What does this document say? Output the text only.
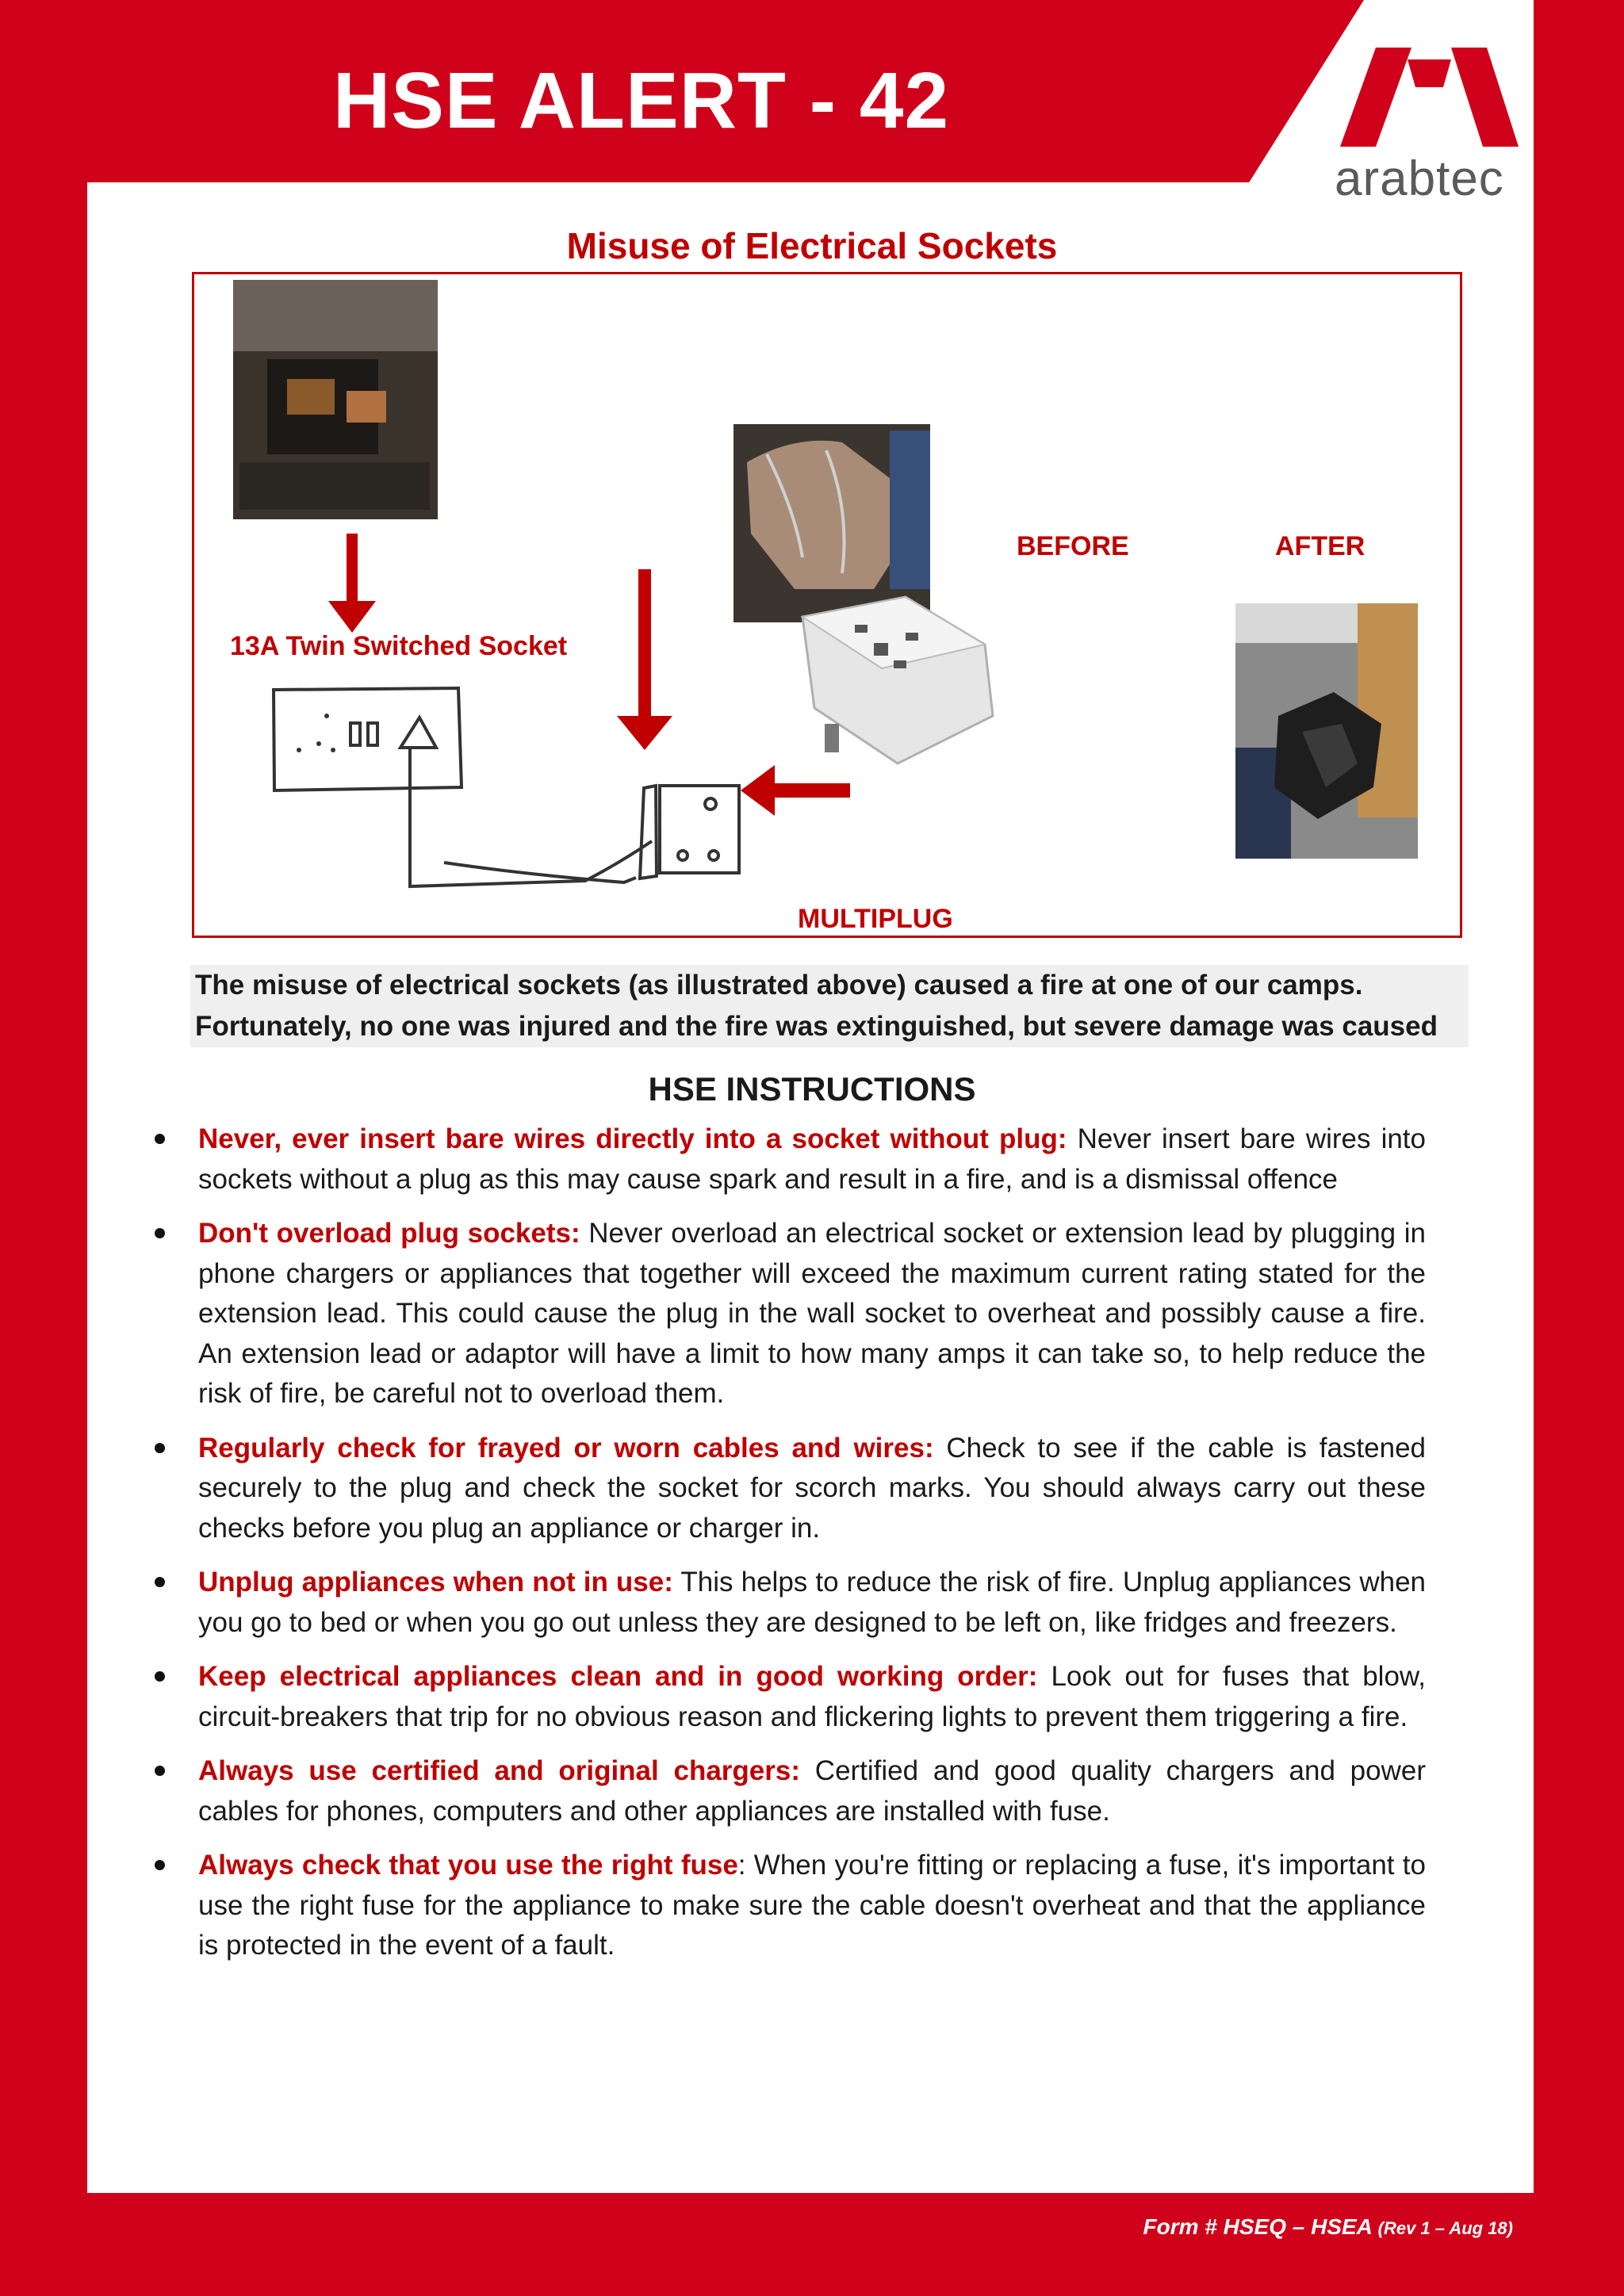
HSE ALERT - 42
arabtec
Misuse of Electrical Sockets
13A Twin Switched Socket
BEFORE	AFTER
MULTIPLUG
The misuse of electrical sockets (as illustrated above) caused a fire at one of our camps.
Fortunately, no one was injured and the fire was extinguished, but severe damage was caused
HSE INSTRUCTIONS
Never, ever insert bare wires directly into a socket without plug: Never insert bare wires into sockets without a plug as this may cause spark and result in a fire, and is a dismissal offence
Don't overload plug sockets: Never overload an electrical socket or extension lead by plugging in phone chargers or appliances that together will exceed the maximum current rating stated for the extension lead. This could cause the plug in the wall socket to overheat and possibly cause a fire. An extension lead or adaptor will have a limit to how many amps it can take so, to help reduce the risk of fire, be careful not to overload them.
Regularly check for frayed or worn cables and wires: Check to see if the cable is fastened securely to the plug and check the socket for scorch marks. You should always carry out these checks before you plug an appliance or charger in.
Unplug appliances when not in use: This helps to reduce the risk of fire. Unplug appliances when you go to bed or when you go out unless they are designed to be left on, like fridges and freezers.
Keep electrical appliances clean and in good working order: Look out for fuses that blow, circuit-breakers that trip for no obvious reason and flickering lights to prevent them triggering a fire.
Always use certified and original chargers: Certified and good quality chargers and power cables for phones, computers and other appliances are installed with fuse.
Always check that you use the right fuse: When you're fitting or replacing a fuse, it's important to use the right fuse for the appliance to make sure the cable doesn't overheat and that the appliance is protected in the event of a fault.
Form # HSEQ – HSEA (Rev 1 – Aug 18)
